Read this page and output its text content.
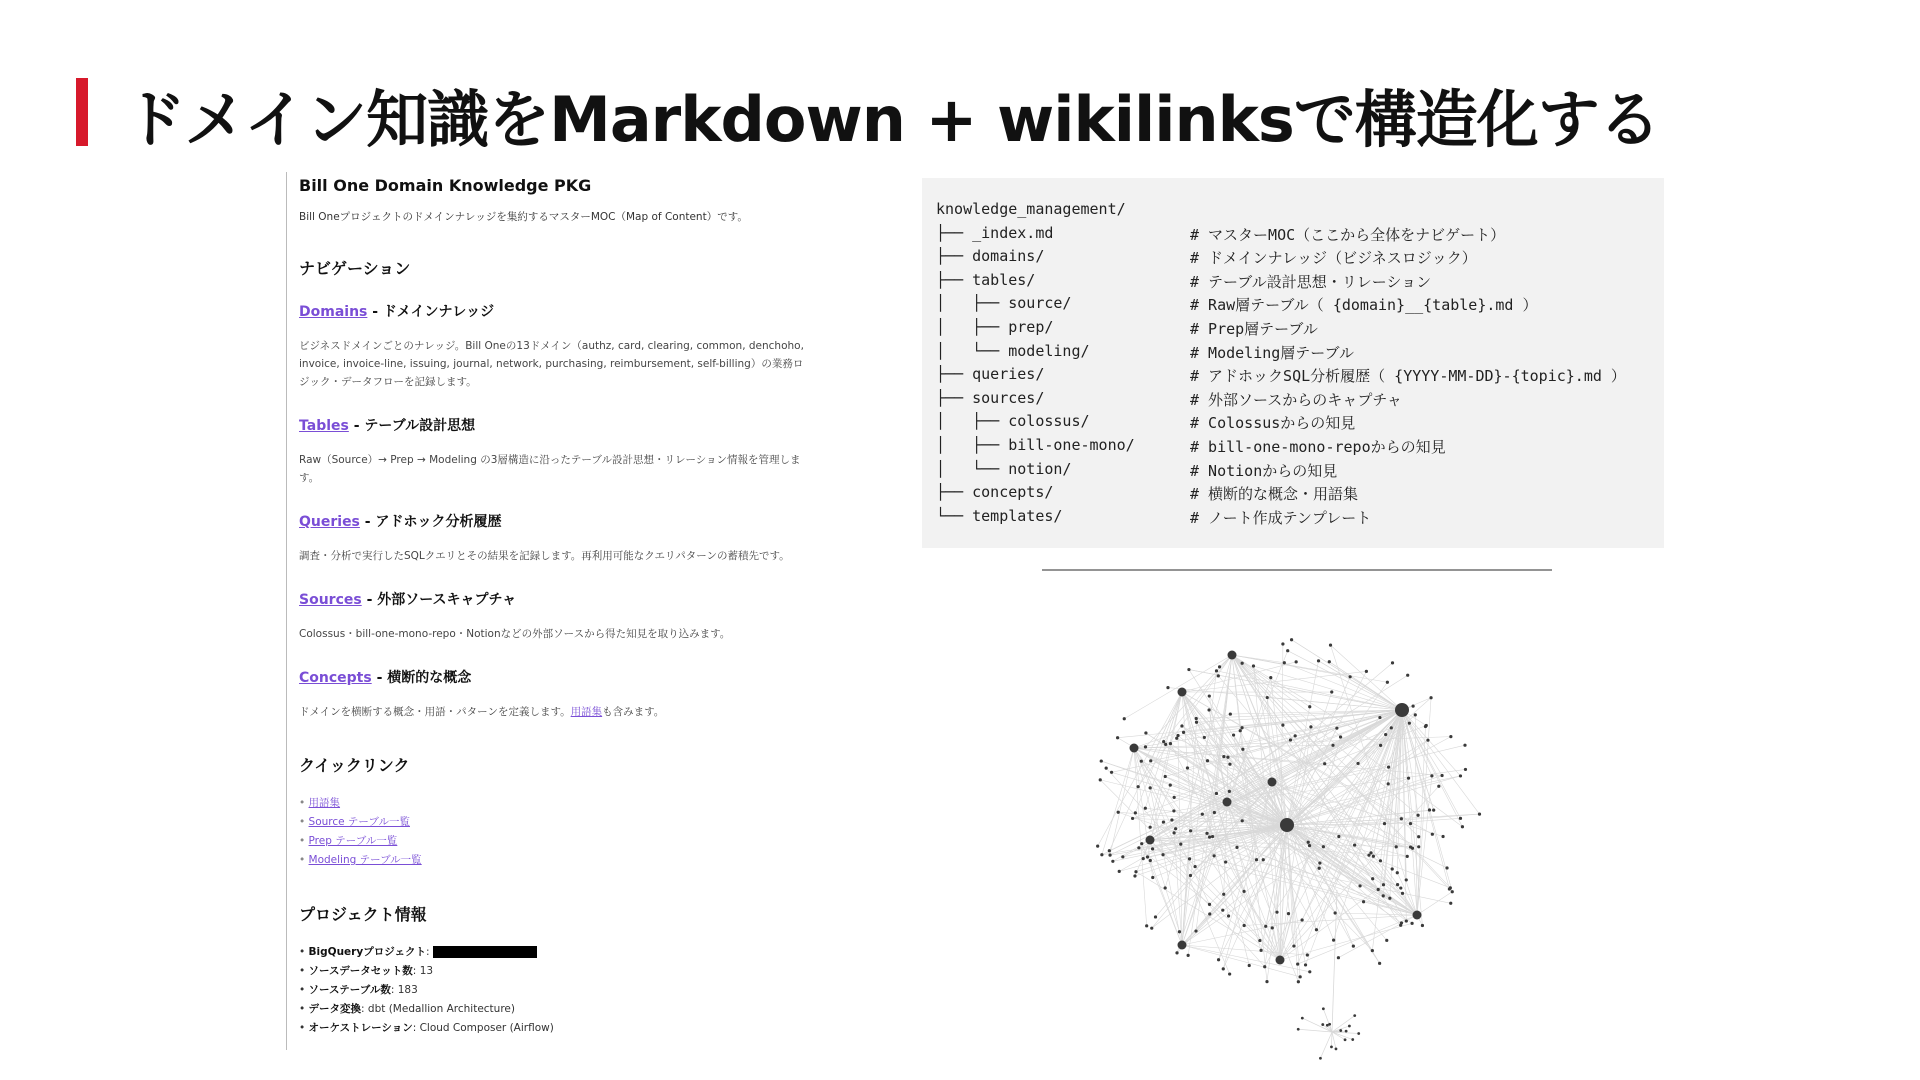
ドメイン知識をMarkdown + wikilinksで構造化する
Bill One Domain Knowledge PKG
Bill Oneプロジェクトのドメインナレッジを集約するマスターMOC（Map of Content）です。
ナビゲーション
Domains - ドメインナレッジ
ビジネスドメインごとのナレッジ。Bill Oneの13ドメイン（authz, card, clearing, common, denchoho, invoice, invoice-line, issuing, journal, network, purchasing, reimbursement, self-billing）の業務ロジック・データフローを記録します。
Tables - テーブル設計思想
Raw（Source）→ Prep → Modeling の3層構造に沿ったテーブル設計思想・リレーション情報を管理します。
Queries - アドホック分析履歴
調査・分析で実行したSQLクエリとその結果を記録します。再利用可能なクエリパターンの蓄積先です。
Sources - 外部ソースキャプチャ
Colossus・bill-one-mono-repo・Notionなどの外部ソースから得た知見を取り込みます。
Concepts - 横断的な概念
ドメインを横断する概念・用語・パターンを定義します。用語集も含みます。
クイックリンク
• 用語集
• Source テーブル一覧
• Prep テーブル一覧
• Modeling テーブル一覧
プロジェクト情報
• BigQueryプロジェクト:
• ソースデータセット数: 13
• ソーステーブル数: 183
• データ変換: dbt (Medallion Architecture)
• オーケストレーション: Cloud Composer (Airflow)
knowledge_management/
├── _index.md	# マスターMOC（ここから全体をナビゲート）
├── domains/	# ドメインナレッジ（ビジネスロジック）
├── tables/	# テーブル設計思想・リレーション
│   ├── source/	# Raw層テーブル（ {domain}__{table}.md ）
│   ├── prep/	# Prep層テーブル
│   └── modeling/	# Modeling層テーブル
├── queries/	# アドホックSQL分析履歴（ {YYYY-MM-DD}-{topic}.md ）
├── sources/	# 外部ソースからのキャプチャ
│   ├── colossus/	# Colossusからの知見
│   ├── bill-one-mono/	# bill-one-mono-repoからの知見
│   └── notion/	# Notionからの知見
├── concepts/	# 横断的な概念・用語集
└── templates/	# ノート作成テンプレート
